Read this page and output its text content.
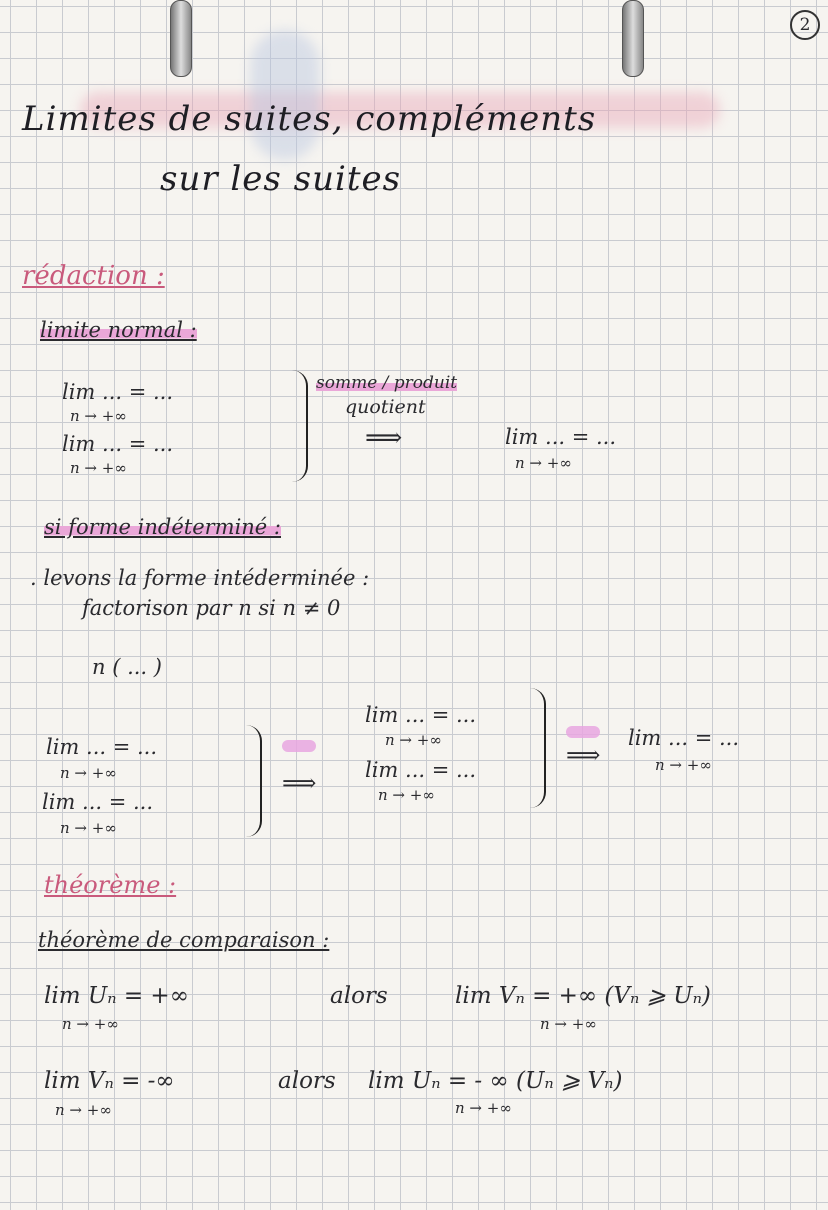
2
Limites de suites, compléments
sur les suites
rédaction :
limite normal :
lim ... = ...
n → +∞
lim ... = ...
n → +∞
somme / produit
quotient
⟹	lim ... = ...
n → +∞
si forme indéterminé :
. levons la forme intéderminée :
factorison par n si n ≠ 0
n ( ... )
lim ... = ...
n → +∞
lim ... = ...
n → +∞
⟹
lim ... = ...
n → +∞
lim ... = ...
n → +∞
⟹
lim ... = ...
n → +∞
théorème :
théorème de comparaison :
lim Uₙ = +∞
n → +∞
alors	lim Vₙ = +∞ (Vₙ ⩾ Uₙ)
n → +∞
lim Vₙ = -∞
n → +∞
alors lim Uₙ = - ∞ (Uₙ ⩾ Vₙ)
n → +∞
